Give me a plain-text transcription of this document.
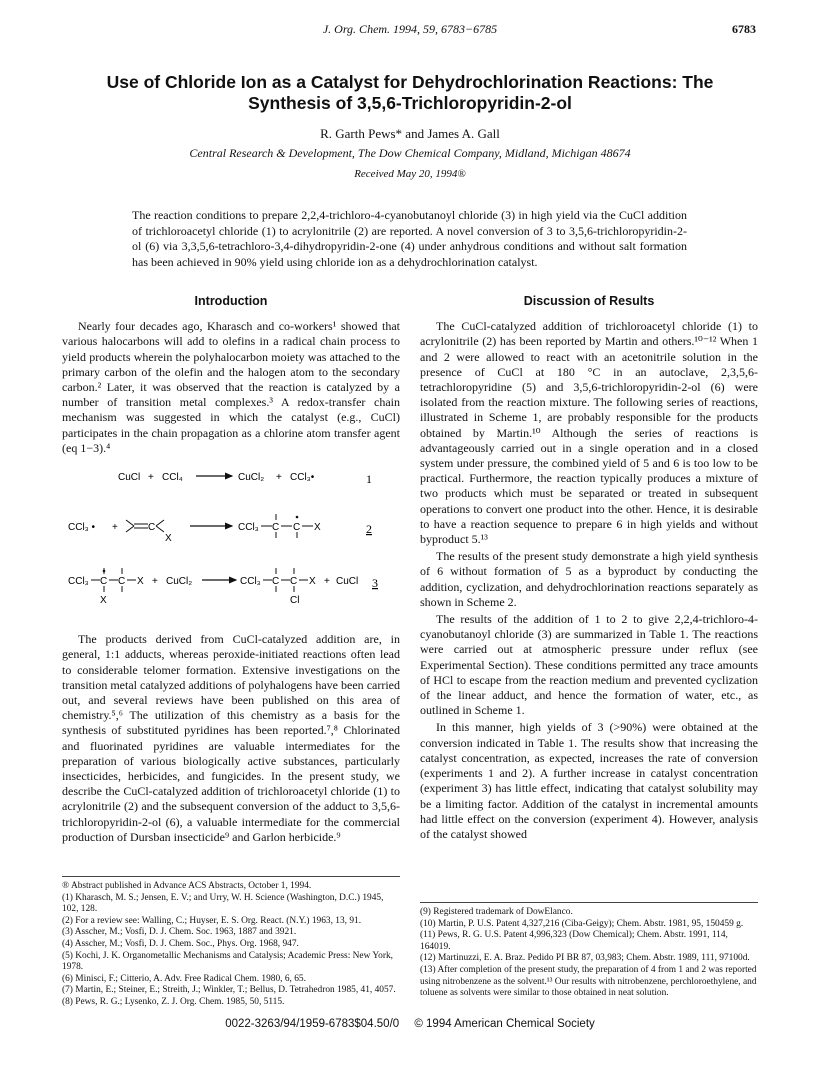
J. Org. Chem. 1994, 59, 6783−6785	6783
Use of Chloride Ion as a Catalyst for Dehydrochlorination Reactions: The Synthesis of 3,5,6-Trichloropyridin-2-ol
R. Garth Pews* and James A. Gall
Central Research & Development, The Dow Chemical Company, Midland, Michigan 48674
Received May 20, 1994®
The reaction conditions to prepare 2,2,4-trichloro-4-cyanobutanoyl chloride (3) in high yield via the CuCl addition of trichloroacetyl chloride (1) to acrylonitrile (2) are reported. A novel conversion of 3 to 3,5,6-trichloropyridin-2-ol (6) via 3,3,5,6-tetrachloro-3,4-dihydropyridin-2-one (4) under anhydrous conditions and without salt formation has been achieved in 90% yield using chloride ion as a dehydrochlorination catalyst.
Introduction

Nearly four decades ago, Kharasch and co-workers¹ showed that various halocarbons will add to olefins in a radical chain process to yield products wherein the polyhalocarbon moiety was attached to the primary carbon of the olefin and the halogen atom to the secondary carbon.² Later, it was observed that the reaction is catalyzed by a number of transition metal complexes.³ A redox-transfer chain mechanism was suggested in which the catalyst (e.g., CuCl) participates in the chain propagation as a chlorine atom transfer agent (eq 1−3).⁴

CuCl + CCl₄	CuCl₂ + CCl₃•	1
CCl₃ • +	C
X
CCl₃ C C X	2
CCl₃ C C X
X
+ CuCl₂	CCl₃ C C X
Cl
+ CuCl 3

The products derived from CuCl-catalyzed addition are, in general, 1:1 adducts, whereas peroxide-initiated reactions often lead to considerable telomer formation. Extensive investigations on the transition metal catalyzed additions of polyhalogens have been carried out, and several reviews have been published on this area of chemistry.⁵,⁶ The utilization of this chemistry as a basis for the synthesis of substituted pyridines has been reported.⁷,⁸ Chlorinated and fluorinated pyridines are valuable intermediates for the preparation of various biologically active substances, particularly insecticides, herbicides, and fungicides. In the present study, we describe the CuCl-catalyzed addition of trichloroacetyl chloride (1) to acrylonitrile (2) and the subsequent conversion of the adduct to 3,5,6-trichloropyridin-2-ol (6), a valuable intermediate for the commercial production of Dursban insecticide⁹ and Garlon herbicide.⁹

Discussion of Results

The CuCl-catalyzed addition of trichloroacetyl chloride (1) to acrylonitrile (2) has been reported by Martin and others.¹⁰⁻¹² When 1 and 2 were allowed to react with an acetonitrile solution in the presence of CuCl at 180 °C in an autoclave, 2,3,5,6-tetrachloropyridine (5) and 3,5,6-trichloropyridin-2-ol (6) were isolated from the reaction mixture. The following series of reactions, illustrated in Scheme 1, are probably responsible for the products obtained by Martin.¹⁰ Although the series of reactions is advantageously carried out in a single operation and in a closed system under pressure, the combined yield of 5 and 6 is too low to be practical. Furthermore, the reaction typically produces a mixture of two products which must be separated or treated in subsequent operations to convert one product into the other. Hence, it is desirable to have a reaction sequence to prepare 6 in high yields and without byproduct 5.¹³

The results of the present study demonstrate a high yield synthesis of 6 without formation of 5 as a byproduct by conducting the addition, cyclization, and dehydrochlorination reactions separately as shown in Scheme 2.

The results of the addition of 1 to 2 to give 2,2,4-trichloro-4-cyanobutanoyl chloride (3) are summarized in Table 1. The reactions were carried out at atmospheric pressure under reflux (see Experimental Section). These conditions permitted any trace amounts of HCl to escape from the reaction medium and prevented cyclization of the linear adduct, and hence the formation of water, etc., as outlined in Scheme 1.

In this manner, high yields of 3 (>90%) were obtained at the conversion indicated in Table 1. The results show that increasing the catalyst concentration, as expected, increases the rate of conversion (experiments 1 and 2). A further increase in catalyst concentration (experiment 3) has little effect, indicating that catalyst solubility may be a limiting factor. Addition of the catalyst in incremental amounts had little effect on the conversion (experiment 4). However, analysis of the catalyst showed

® Abstract published in Advance ACS Abstracts, October 1, 1994.
(1) Kharasch, M. S.; Jensen, E. V.; and Urry, W. H. Science (Washington, D.C.) 1945, 102, 128.
(2) For a review see: Walling, C.; Huyser, E. S. Org. React. (N.Y.) 1963, 13, 91.
(3) Asscher, M.; Vosfi, D. J. Chem. Soc. 1963, 1887 and 3921.
(4) Asscher, M.; Vosfi, D. J. Chem. Soc., Phys. Org. 1968, 947.
(5) Kochi, J. K. Organometallic Mechanisms and Catalysis; Academic Press: New York, 1978.
(6) Minisci, F.; Citterio, A. Adv. Free Radical Chem. 1980, 6, 65.
(7) Martin, E.; Steiner, E.; Streith, J.; Winkler, T.; Bellus, D. Tetrahedron 1985, 41, 4057.
(8) Pews, R. G.; Lysenko, Z. J. Org. Chem. 1985, 50, 5115.
(9) Registered trademark of DowElanco.
(10) Martin, P. U.S. Patent 4,327,216 (Ciba-Geigy); Chem. Abstr. 1981, 95, 150459 g.
(11) Pews, R. G. U.S. Patent 4,996,323 (Dow Chemical); Chem. Abstr. 1991, 114, 164019.
(12) Martinuzzi, E. A. Braz. Pedido PI BR 87, 03,983; Chem. Abstr. 1989, 111, 97100d.
(13) After completion of the present study, the preparation of 4 from 1 and 2 was reported using nitrobenzene as the solvent.¹³ Our results with nitrobenzene, perchloroethylene, and toluene as solvents were similar to those obtained in neat solution.
0022-3263/94/1959-6783$04.50/0 © 1994 American Chemical Society
